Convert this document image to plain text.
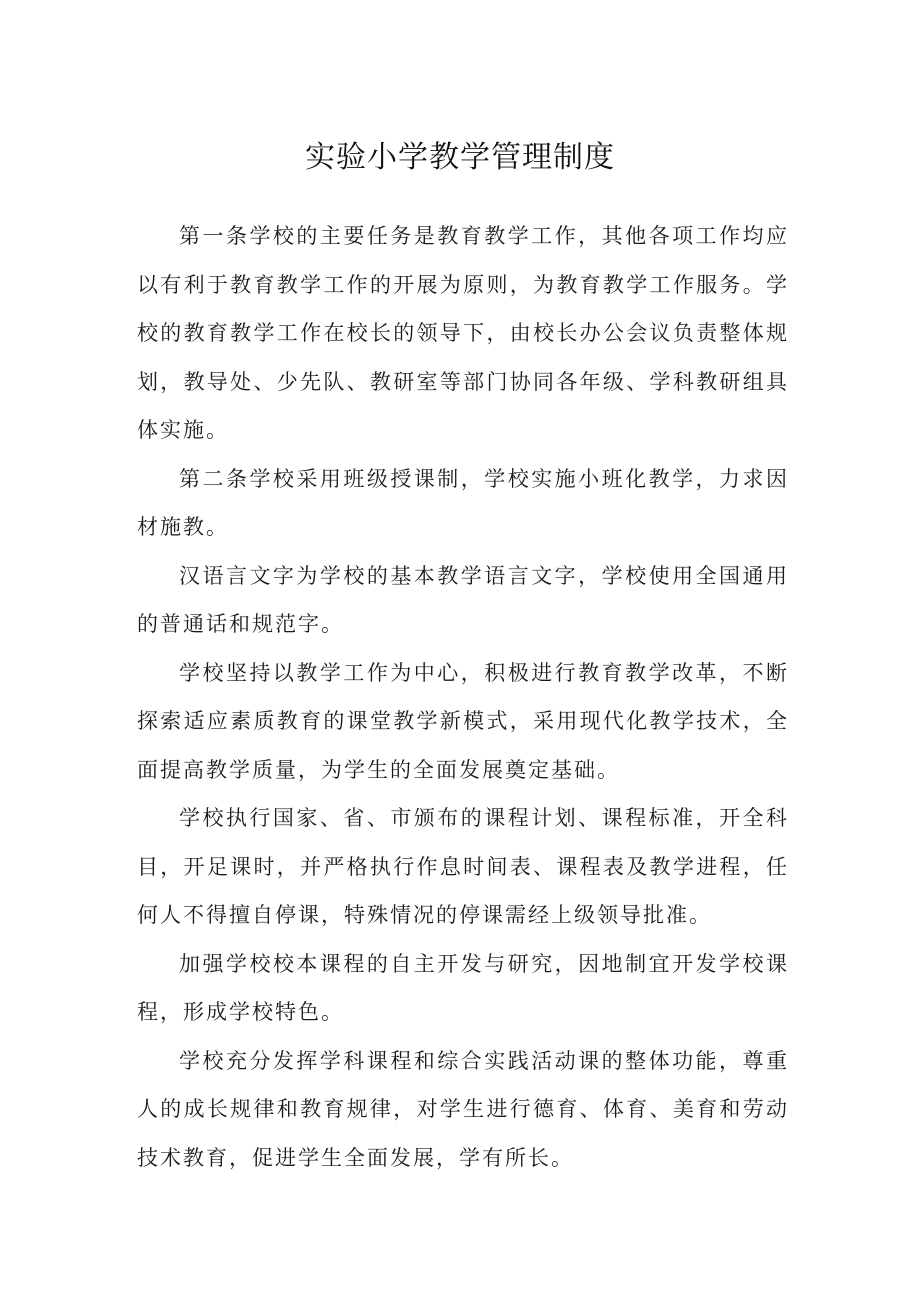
实验小学教学管理制度

第一条学校的主要任务是教育教学工作，其他各项工作均应以有利于教育教学工作的开展为原则，为教育教学工作服务。学校的教育教学工作在校长的领导下，由校长办公会议负责整体规划，教导处、少先队、教研室等部门协同各年级、学科教研组具体实施。

第二条学校采用班级授课制，学校实施小班化教学，力求因材施教。

汉语言文字为学校的基本教学语言文字，学校使用全国通用的普通话和规范字。

学校坚持以教学工作为中心，积极进行教育教学改革，不断探索适应素质教育的课堂教学新模式，采用现代化教学技术，全面提高教学质量，为学生的全面发展奠定基础。

学校执行国家、省、市颁布的课程计划、课程标准，开全科目，开足课时，并严格执行作息时间表、课程表及教学进程，任何人不得擅自停课，特殊情况的停课需经上级领导批准。

加强学校校本课程的自主开发与研究，因地制宜开发学校课程，形成学校特色。

学校充分发挥学科课程和综合实践活动课的整体功能，尊重人的成长规律和教育规律，对学生进行德育、体育、美育和劳动技术教育，促进学生全面发展，学有所长。
